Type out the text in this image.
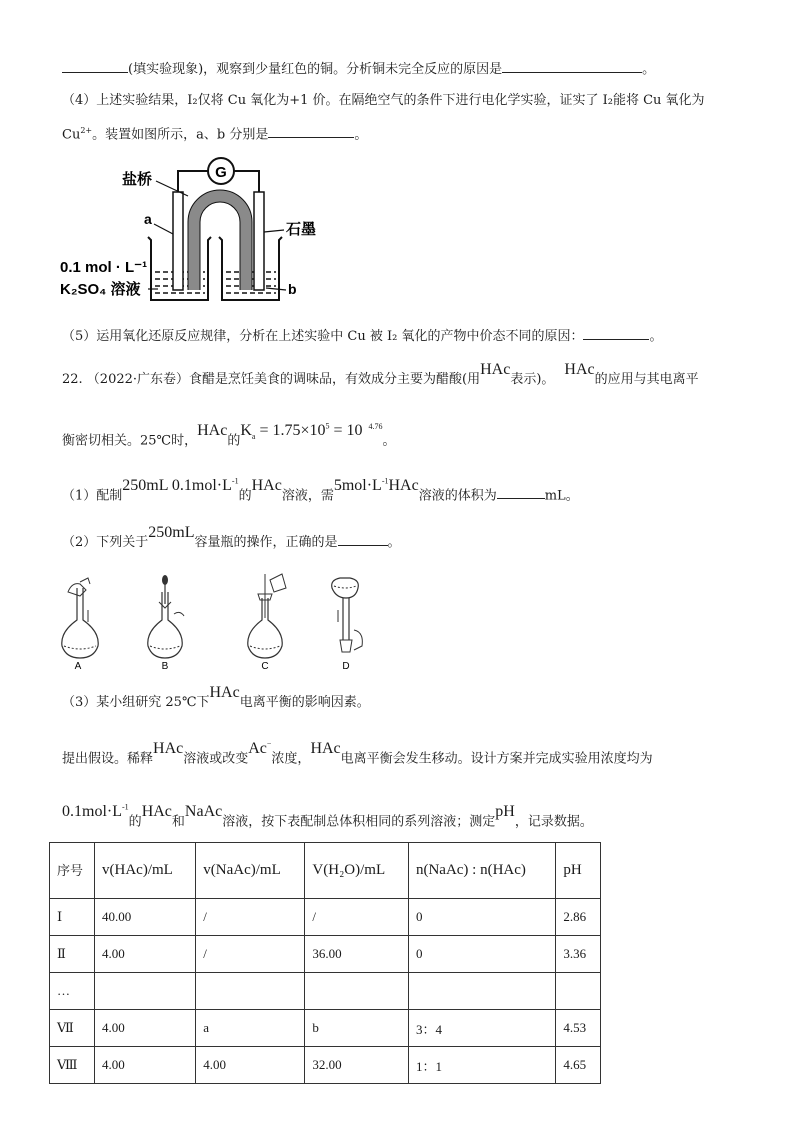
(填实验现象)，观察到少量红色的铜。分析铜未完全反应的原因是	。
（4）上述实验结果，I₂仅将 Cu 氧化为+1 价。在隔绝空气的条件下进行电化学实验，证实了 I₂能将 Cu 氧化为
$Cu^{2+}$。装置如图所示，a、b 分别是	。
G
盐桥
a
石墨
0.1 mol · L⁻¹
K₂SO₄ 溶液	b
（5）运用氧化还原反应规律，分析在上述实验中 Cu 被 I₂ 氧化的产物中价态不同的原因：	。
22. （2022·广东卷）食醋是烹饪美食的调味品，有效成分主要为醋酸(用HAc表示)。HAc的应用与其电离平
衡密切相关。25℃时，HAc的$K_a = 1.75\times 10^5 = 10$ $^{4.76}$。
（1）配制250mL $0.1mol\cdot L^{-1}$的HAc溶液，需$5mol\cdot L^{-1}HAc$溶液的体积为	mL。
（2）下列关于250mL容量瓶的操作，正确的是	。
A	B	C	D
（3）某小组研究 25℃下HAc电离平衡的影响因素。
提出假设。稀释HAc溶液或改变Ac−浓度，HAc电离平衡会发生移动。设计方案并完成实验用浓度均为
$0.1mol\cdot L^{-1}$的HAc和NaAc溶液，按下表配制总体积相同的系列溶液；测定pH，记录数据。
序号	v(HAc)/mL	v(NaAc)/mL	V(H₂O)/mL	n(NaAc) : n(HAc)	pH
Ⅰ	40.00	/	/	0	2.86
Ⅱ	4.00	/	36.00	0	3.36
…					
Ⅶ	4.00	a	b	3：4	4.53
Ⅷ	4.00	4.00	32.00	1：1	4.65
